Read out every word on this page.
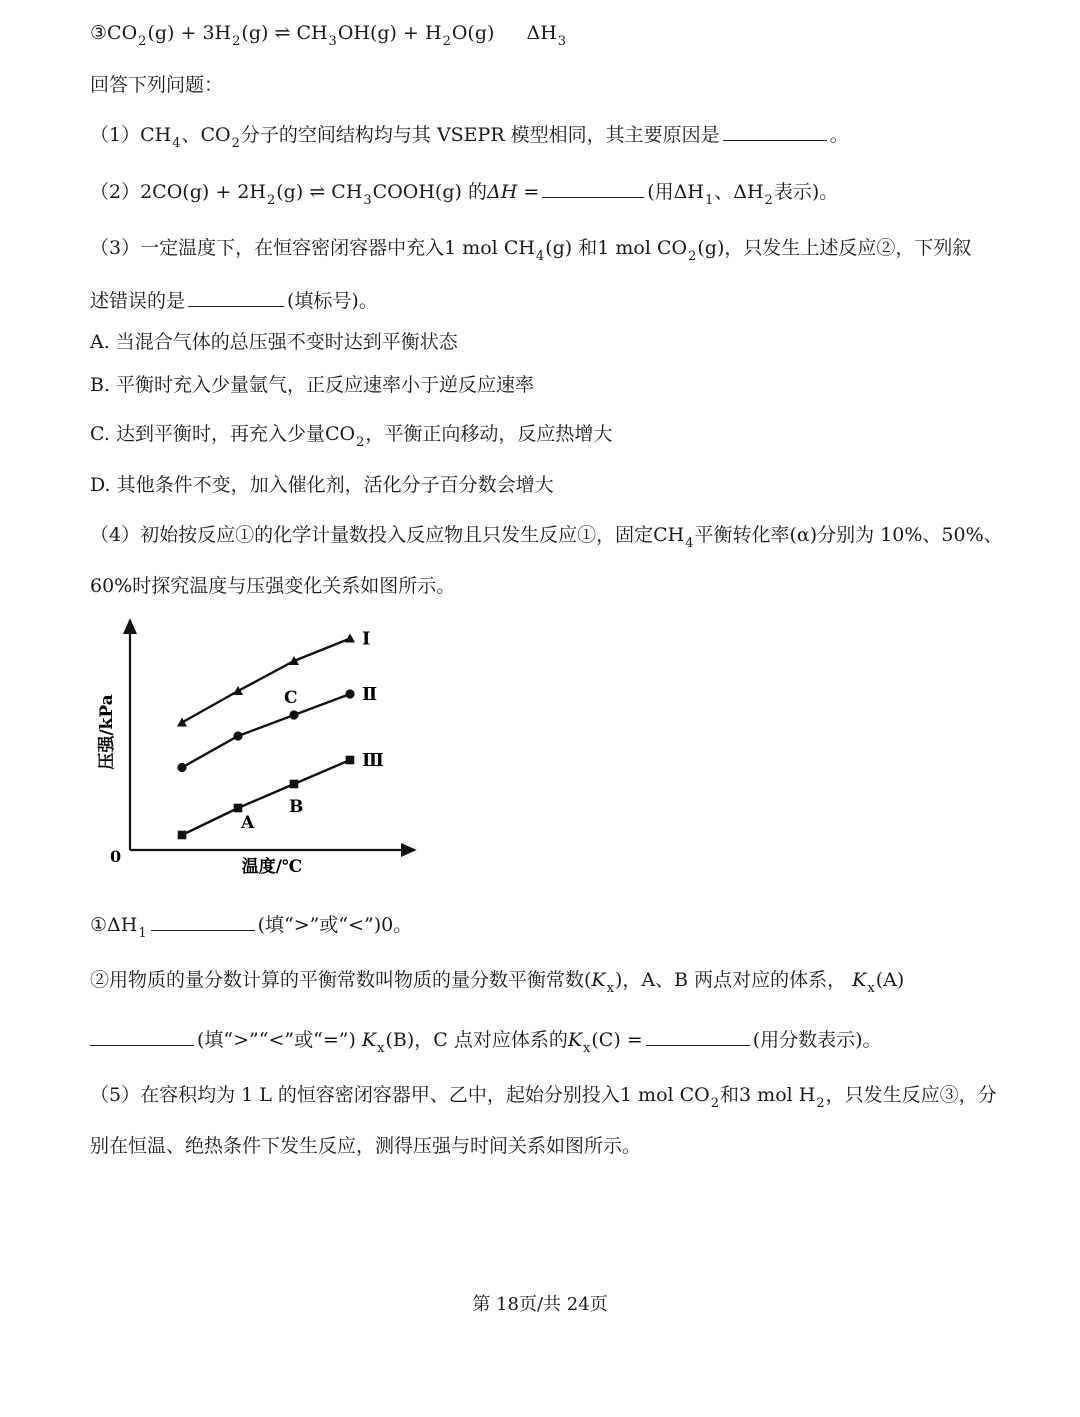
$③CO_2(g) + 3H_2(g)$ ⇌ $CH_3OH(g) + H_2O(g)$ $\Delta H_3$
回答下列问题：
$(1)CH_4$、$CO_2$分子的空间结构均与其 VSEPR 模型相同，其主要原因是	。
$(2)2CO(g) + 2H_2(g)$ ⇌ $CH_3COOH(g)$ 的ΔH =	(用$\Delta H_1$、$\Delta H_2$表示)。
（3）一定温度下，在恒容密闭容器中充入1 mol $CH_4(g)$ 和1 mol $CO_2(g)$，只发生上述反应②，下列叙
述错误的是	(填标号)。
A. 当混合气体的总压强不变时达到平衡状态
B. 平衡时充入少量氩气，正反应速率小于逆反应速率
C. 达到平衡时，再充入少量$CO_2$，平衡正向移动，反应热增大
D. 其他条件不变，加入催化剂，活化分子百分数会增大
（4）初始按反应①的化学计量数投入反应物且只发生反应①，固定$CH_4$平衡转化率(α)分别为 10%、50%、
60%时探究温度与压强变化关系如图所示。
0
温度/℃
压强/kPa
I
Ⅱ
Ⅲ
A
B
C
$①\Delta H_1$	(填“>”或“<”)0。
②用物质的量分数计算的平衡常数叫物质的量分数平衡常数$(K_x)$，A、B 两点对应的体系， $K_x(A)$
(填“>”“<”或“=”) $K_x(B)$，C 点对应体系的$K_x(C)$ =	(用分数表示)。
（5）在容积均为 1 L 的恒容密闭容器甲、乙中，起始分别投入1 mol $CO_2$和3 mol $H_2$，只发生反应③，分
别在恒温、绝热条件下发生反应，测得压强与时间关系如图所示。
第 18页/共 24页
